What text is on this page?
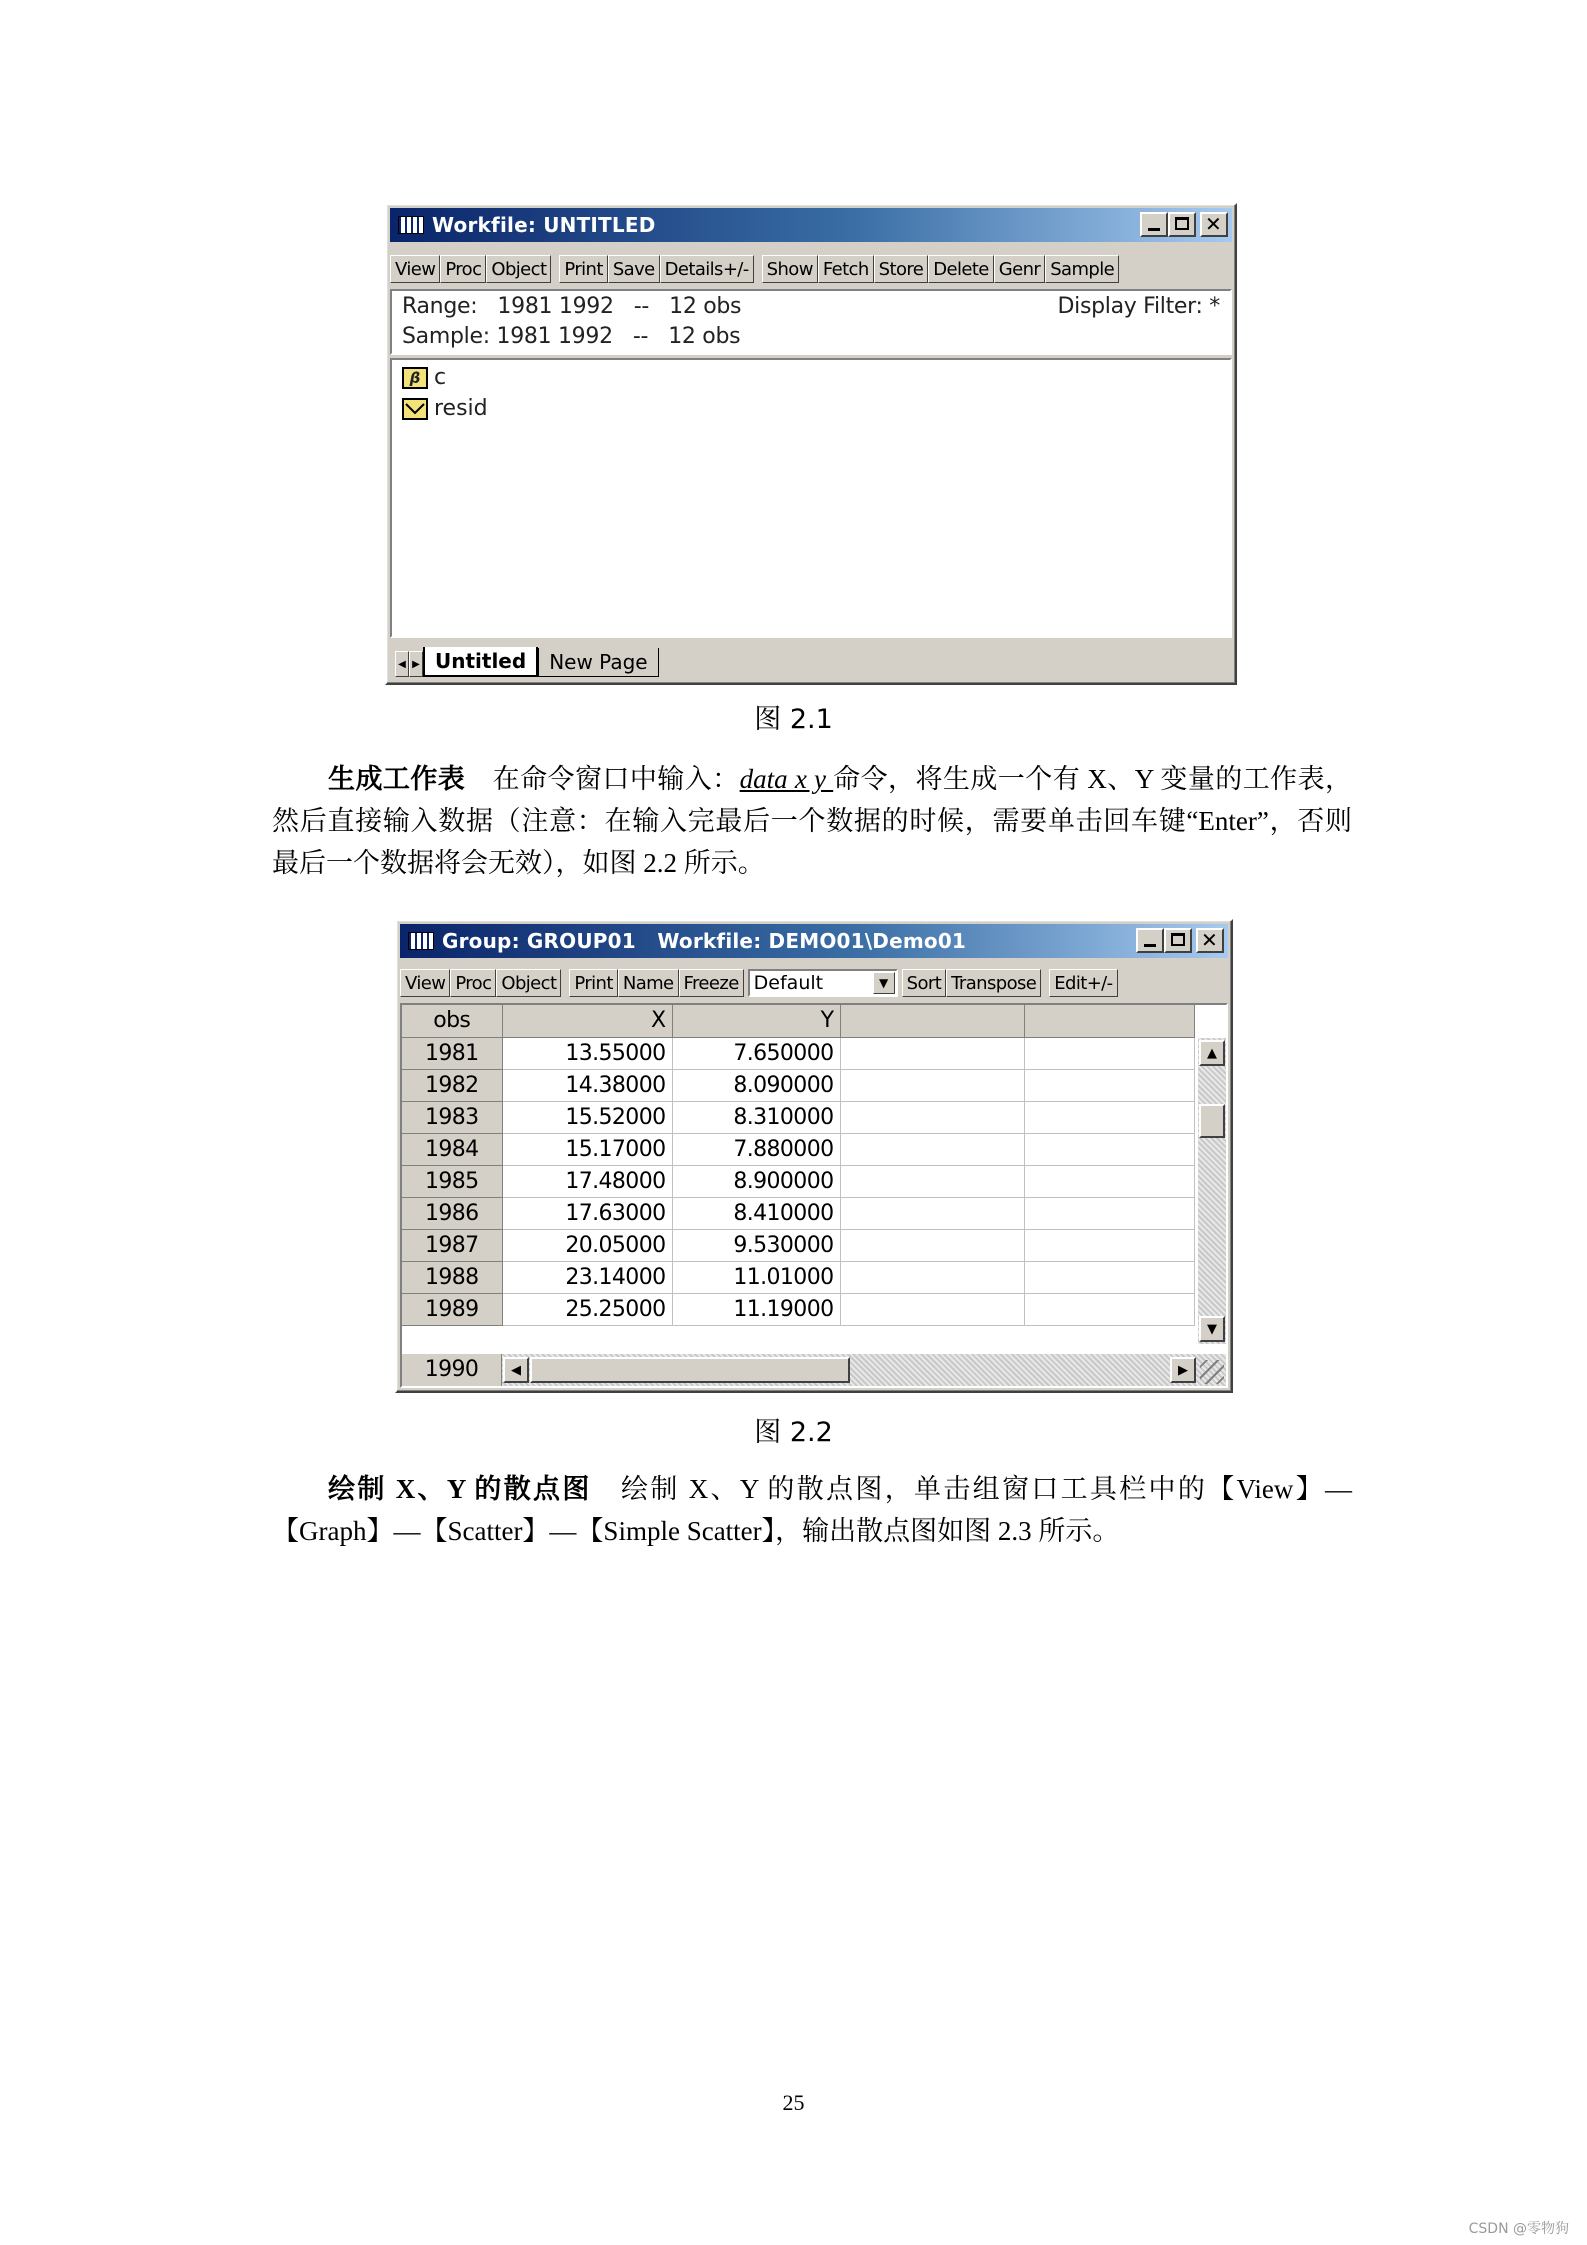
Workfile: UNTITLED	✕
View Proc Object Print Save Details+/- Show Fetch Store Delete Genr Sample
Range:   1981 1992   --   12 obs
Sample: 1981 1992   --   12 obs
Display Filter: *
β c
resid
◀ ▶ Untitled	New Page
图 2.1
生成工作表　 在命令窗口中输入：data x y 命令，将生成一个有 X、Y 变量的工作表，然后直接输入数据（注意：在输入完最后一个数据的时候，需要单击回车键“Enter”，否则最后一个数据将会无效），如图 2.2 所示。
Group: GROUP01   Workfile: DEMO01\Demo01	✕
View Proc Object Print Name Freeze Default	▼	Sort Transpose Edit+/-
obs	X	Y		
1981	13.55000	7.650000		
1982	14.38000	8.090000		
1983	15.52000	8.310000		
1984	15.17000	7.880000		
1985	17.48000	8.900000		
1986	17.63000	8.410000		
1987	20.05000	9.530000		
1988	23.14000	11.01000		
1989	25.25000	11.19000		
▲
▼
1990	◀	▶
图 2.2
绘制 X、Y 的散点图　 绘制 X、Y 的散点图，单击组窗口工具栏中的【View】—【Graph】—【Scatter】—【Simple Scatter】，输出散点图如图 2.3 所示。
25
CSDN @零物狗
